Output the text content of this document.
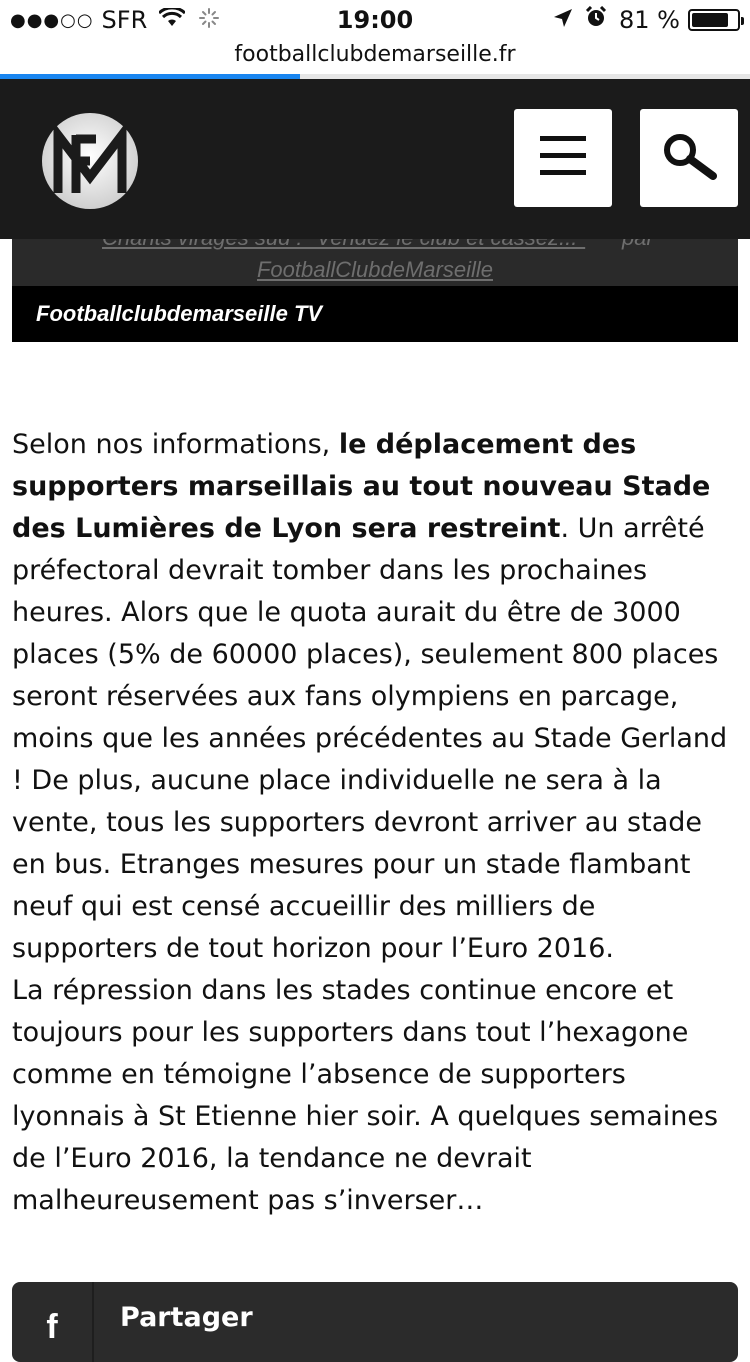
●●●○○ SFR	19:00	81 %
footballclubdemarseille.fr
FootballClubdeMarseille
Footballclubdemarseille TV

Selon nos informations, le déplacement des supporters marseillais au tout nouveau Stade des Lumières de Lyon sera restreint. Un arrêté préfectoral devrait tomber dans les prochaines heures. Alors que le quota aurait du être de 3000 places (5% de 60000 places), seulement 800 places seront réservées aux fans olympiens en parcage, moins que les années précédentes au Stade Gerland ! De plus, aucune place individuelle ne sera à la vente, tous les supporters devront arriver au stade en bus. Etranges mesures pour un stade flambant neuf qui est censé accueillir des milliers de supporters de tout horizon pour l’Euro 2016.

La répression dans les stades continue encore et toujours pour les supporters dans tout l’hexagone comme en témoigne l’absence de supporters lyonnais à St Etienne hier soir. A quelques semaines de l’Euro 2016, la tendance ne devrait malheureusement pas s’inverser…

f Partager
